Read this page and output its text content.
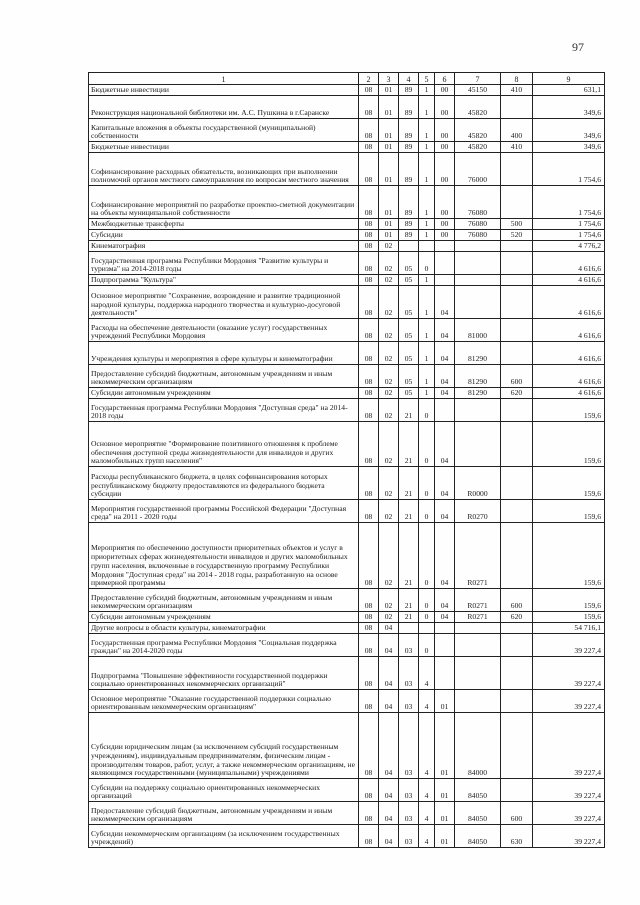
97
1	2	3	4	5	6	7	8	9
Бюджетные инвестиции	08	01	89	1	00	45150	410	631,1
Реконструкция национальной библиотеки им. А.С. Пушкина в г.Саранске	08	01	89	1	00	45820		349,6
Капитальные вложения в объекты государственной (муниципальной) собственности	08	01	89	1	00	45820	400	349,6
Бюджетные инвестиции	08	01	89	1	00	45820	410	349,6
Софинансирование расходных обязательств, возникающих при выполнении полномочий органов местного самоуправления по вопросам местного значения	08	01	89	1	00	76000		1 754,6
Софинансирование мероприятий по разработке проектно-сметной документации на объекты муниципальной собственности	08	01	89	1	00	76080		1 754,6
Межбюджетные трансферты	08	01	89	1	00	76080	500	1 754,6
Субсидии	08	01	89	1	00	76080	520	1 754,6
Кинематография	08	02						4 776,2
Государственная программа Республики Мордовия "Развитие культуры и туризма" на 2014-2018 годы	08	02	05	0				4 616,6
Подпрограмма "Культура"	08	02	05	1				4 616,6
Основное мероприятие "Сохранение, возрождение и развитие традиционной народной культуры, поддержка народного творчества и культурно-досуговой деятельности"	08	02	05	1	04			4 616,6
Расходы на обеспечение деятельности (оказание услуг) государственных учреждений Республики Мордовия	08	02	05	1	04	81000		4 616,6
Учреждения культуры и мероприятия в сфере культуры и кинематографии	08	02	05	1	04	81290		4 616,6
Предоставление субсидий бюджетным, автономным учреждениям и иным некоммерческим организациям	08	02	05	1	04	81290	600	4 616,6
Субсидии автономным учреждениям	08	02	05	1	04	81290	620	4 616,6
Государственная программа Республики Мордовия "Доступная среда" на 2014-2018 годы	08	02	21	0				159,6
Основное мероприятие "Формирование позитивного отношения к проблеме обеспечения доступной среды жизнедеятельности для инвалидов и других маломобильных групп населения"	08	02	21	0	04			159,6
Расходы республиканского бюджета, в целях софинансирования которых республиканскому бюджету предоставляются из федерального бюджета субсидии	08	02	21	0	04	R0000		159,6
Мероприятия государственной программы Российской Федерации "Доступная среда" на 2011 - 2020 годы	08	02	21	0	04	R0270		159,6
Мероприятия по обеспечению доступности приоритетных объектов и услуг в приоритетных сферах жизнедеятельности инвалидов и других маломобильных групп населения, включенные в государственную программу Республики Мордовия "Доступная среда" на 2014 - 2018 годы, разработанную на основе примерной программы	08	02	21	0	04	R0271		159,6
Предоставление субсидий бюджетным, автономным учреждениям и иным некоммерческим организациям	08	02	21	0	04	R0271	600	159,6
Субсидии автономным учреждениям	08	02	21	0	04	R0271	620	159,6
Другие вопросы в области культуры, кинематографии	08	04						54 716,1
Государственная программа Республики Мордовия "Социальная поддержка граждан" на 2014-2020 годы	08	04	03	0				39 227,4
Подпрограмма "Повышение эффективности государственной поддержки социально ориентированных некоммерческих организаций"	08	04	03	4				39 227,4
Основное мероприятие "Оказание государственной поддержки социально ориентированным некоммерческим организациям"	08	04	03	4	01			39 227,4
Субсидии юридическим лицам (за исключением субсидий государственным учреждениям), индивидуальным предпринимателям, физическим лицам - производителям товаров, работ, услуг, а также некоммерческим организациям, не являющимся государственными (муниципальными) учреждениями	08	04	03	4	01	84000		39 227,4
Субсидии на поддержку социально ориентированных некоммерческих организаций	08	04	03	4	01	84050		39 227,4
Предоставление субсидий бюджетным, автономным учреждениям и иным некоммерческим организациям	08	04	03	4	01	84050	600	39 227,4
Субсидии некоммерческим организациям (за исключением государственных учреждений)	08	04	03	4	01	84050	630	39 227,4
